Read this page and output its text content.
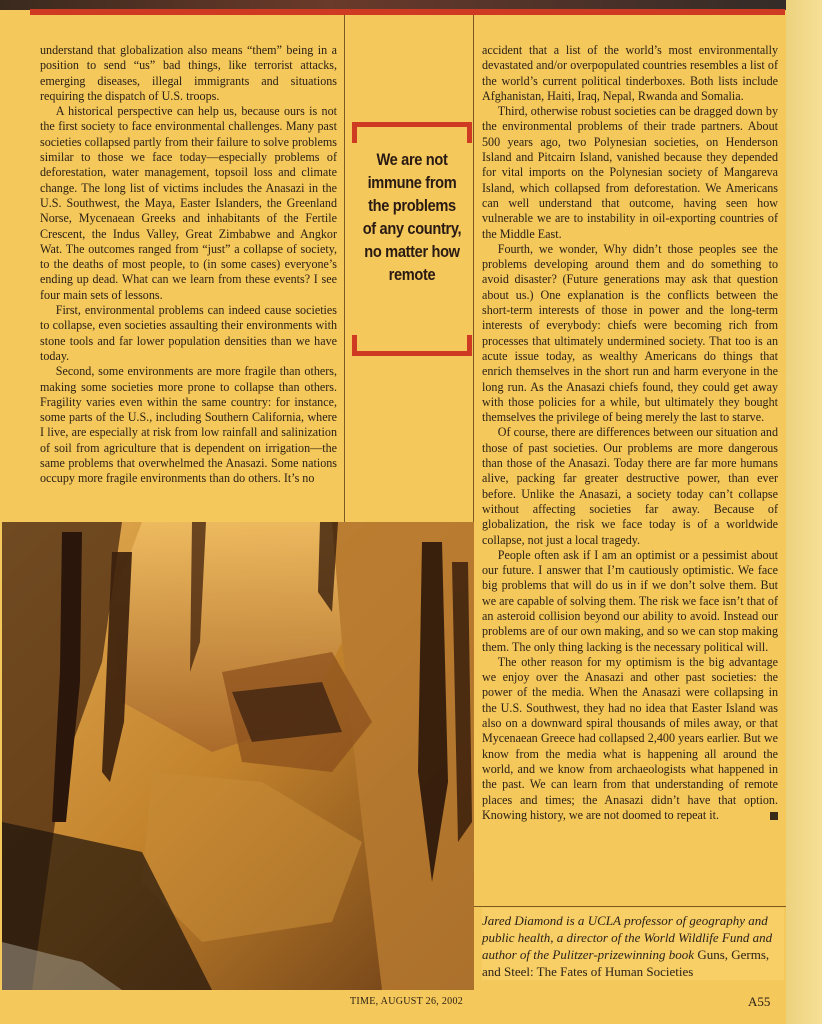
understand that globalization also means “them” being in a position to send “us” bad things, like terrorist attacks, emerging diseases, illegal immigrants and situations requiring the dispatch of U.S. troops.

A historical perspective can help us, because ours is not the first society to face environmental challenges. Many past societies collapsed partly from their failure to solve problems similar to those we face today—especially problems of deforestation, water management, topsoil loss and climate change. The long list of victims includes the Anasazi in the U.S. Southwest, the Maya, Easter Islanders, the Greenland Norse, Mycenaean Greeks and inhabitants of the Fertile Crescent, the Indus Valley, Great Zimbabwe and Angkor Wat. The outcomes ranged from “just” a collapse of society, to the deaths of most people, to (in some cases) everyone’s ending up dead. What can we learn from these events? I see four main sets of lessons.

First, environmental problems can indeed cause societies to collapse, even societies assaulting their environments with stone tools and far lower population densities than we have today.

Second, some environments are more fragile than others, making some societies more prone to collapse than others. Fragility varies even within the same country: for instance, some parts of the U.S., including Southern California, where I live, are especially at risk from low rainfall and salinization of soil from agriculture that is dependent on irrigation—the same problems that overwhelmed the Anasazi. Some nations occupy more fragile environments than do others. It’s no

We are not immune from the problems of any country, no matter how remote

accident that a list of the world’s most environmentally devastated and/or overpopulated countries resembles a list of the world’s current political tinderboxes. Both lists include Afghanistan, Haiti, Iraq, Nepal, Rwanda and Somalia.

Third, otherwise robust societies can be dragged down by the environmental problems of their trade partners. About 500 years ago, two Polynesian societies, on Henderson Island and Pitcairn Island, vanished because they depended for vital imports on the Polynesian society of Mangareva Island, which collapsed from deforestation. We Americans can well understand that outcome, having seen how vulnerable we are to instability in oil-exporting countries of the Middle East.

Fourth, we wonder, Why didn’t those peoples see the problems developing around them and do something to avoid disaster? (Future generations may ask that question about us.) One explanation is the conflicts between the short-term interests of those in power and the long-term interests of everybody: chiefs were becoming rich from processes that ultimately undermined society. That too is an acute issue today, as wealthy Americans do things that enrich themselves in the short run and harm everyone in the long run. As the Anasazi chiefs found, they could get away with those policies for a while, but ultimately they bought themselves the privilege of being merely the last to starve.

Of course, there are differences between our situation and those of past societies. Our problems are more dangerous than those of the Anasazi. Today there are far more humans alive, packing far greater destructive power, than ever before. Unlike the Anasazi, a society today can’t collapse without affecting societies far away. Because of globalization, the risk we face today is of a worldwide collapse, not just a local tragedy.

People often ask if I am an optimist or a pessimist about our future. I answer that I’m cautiously optimistic. We face big problems that will do us in if we don’t solve them. But we are capable of solving them. The risk we face isn’t that of an asteroid collision beyond our ability to avoid. Instead our problems are of our own making, and so we can stop making them. The only thing lacking is the necessary political will.

The other reason for my optimism is the big advantage we enjoy over the Anasazi and other past societies: the power of the media. When the Anasazi were collapsing in the U.S. Southwest, they had no idea that Easter Island was also on a downward spiral thousands of miles away, or that Mycenaean Greece had collapsed 2,400 years earlier. But we know from the media what is happening all around the world, and we know from archaeologists what happened in the past. We can learn from that understanding of remote places and times; the Anasazi didn’t have that option. Knowing history, we are not doomed to repeat it.

Jared Diamond is a UCLA professor of geography and public health, a director of the World Wildlife Fund and author of the Pulitzer-prizewinning book Guns, Germs, and Steel: The Fates of Human Societies

TIME, AUGUST 26, 2002	A55
